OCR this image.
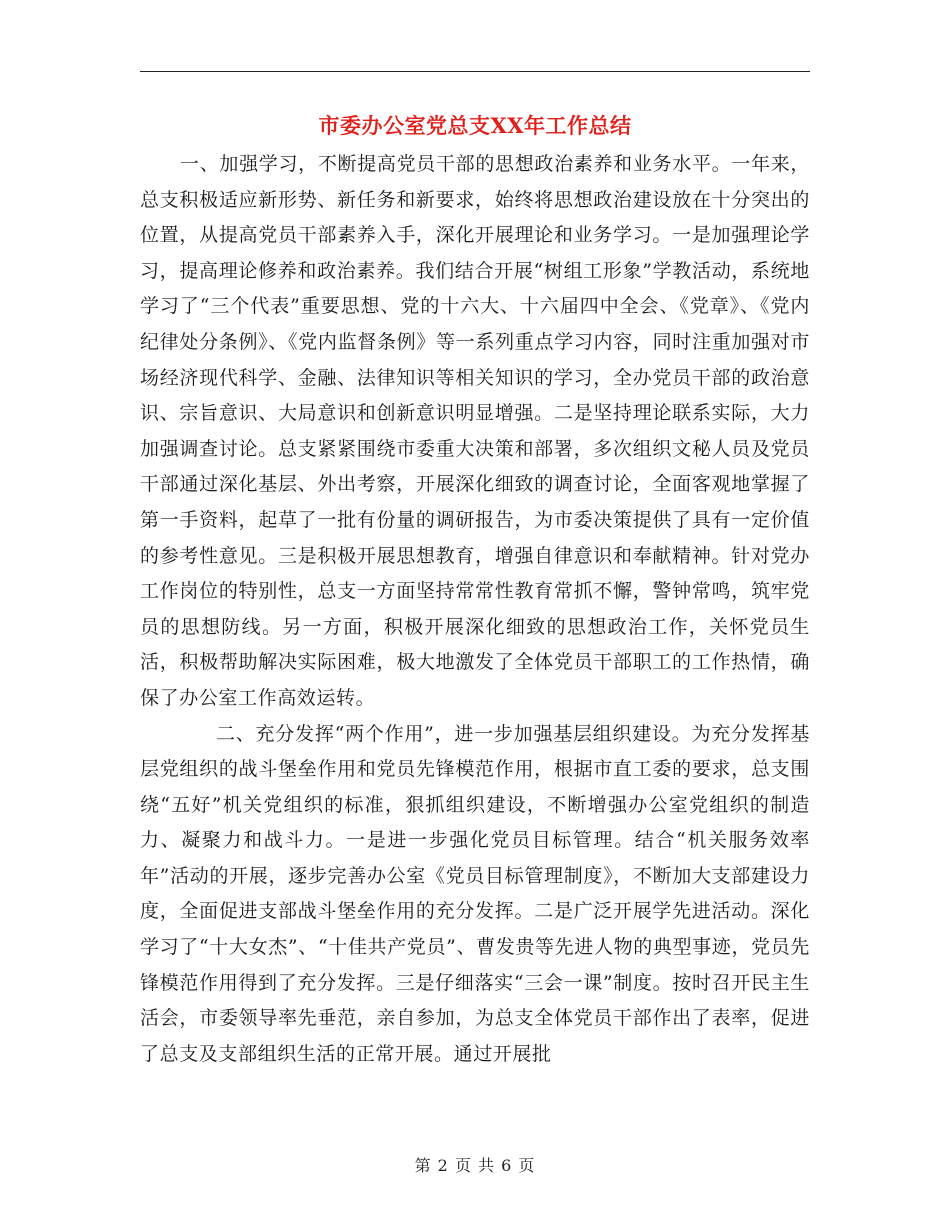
市委办公室党总支XX年工作总结

一、加强学习，不断提高党员干部的思想政治素养和业务水平。一年来，总支积极适应新形势、新任务和新要求，始终将思想政治建设放在十分突出的位置，从提高党员干部素养入手，深化开展理论和业务学习。一是加强理论学习，提高理论修养和政治素养。我们结合开展“树组工形象”学教活动，系统地学习了“三个代表”重要思想、党的十六大、十六届四中全会、《党章》、《党内纪律处分条例》、《党内监督条例》等一系列重点学习内容，同时注重加强对市场经济现代科学、金融、法律知识等相关知识的学习，全办党员干部的政治意识、宗旨意识、大局意识和创新意识明显增强。二是坚持理论联系实际，大力加强调查讨论。总支紧紧围绕市委重大决策和部署，多次组织文秘人员及党员干部通过深化基层、外出考察，开展深化细致的调查讨论，全面客观地掌握了第一手资料，起草了一批有份量的调研报告，为市委决策提供了具有一定价值的参考性意见。三是积极开展思想教育，增强自律意识和奉献精神。针对党办工作岗位的特别性，总支一方面坚持常常性教育常抓不懈，警钟常鸣，筑牢党员的思想防线。另一方面，积极开展深化细致的思想政治工作，关怀党员生活，积极帮助解决实际困难，极大地激发了全体党员干部职工的工作热情，确保了办公室工作高效运转。

二、充分发挥“两个作用”，进一步加强基层组织建设。为充分发挥基层党组织的战斗堡垒作用和党员先锋模范作用，根据市直工委的要求，总支围绕“五好”机关党组织的标准，狠抓组织建设，不断增强办公室党组织的制造力、凝聚力和战斗力。一是进一步强化党员目标管理。结合“机关服务效率年”活动的开展，逐步完善办公室《党员目标管理制度》，不断加大支部建设力度，全面促进支部战斗堡垒作用的充分发挥。二是广泛开展学先进活动。深化学习了“十大女杰”、“十佳共产党员”、曹发贵等先进人物的典型事迹，党员先锋模范作用得到了充分发挥。三是仔细落实“三会一课”制度。按时召开民主生活会，市委领导率先垂范，亲自参加，为总支全体党员干部作出了表率，促进了总支及支部组织生活的正常开展。通过开展批

第 2 页 共 6 页
